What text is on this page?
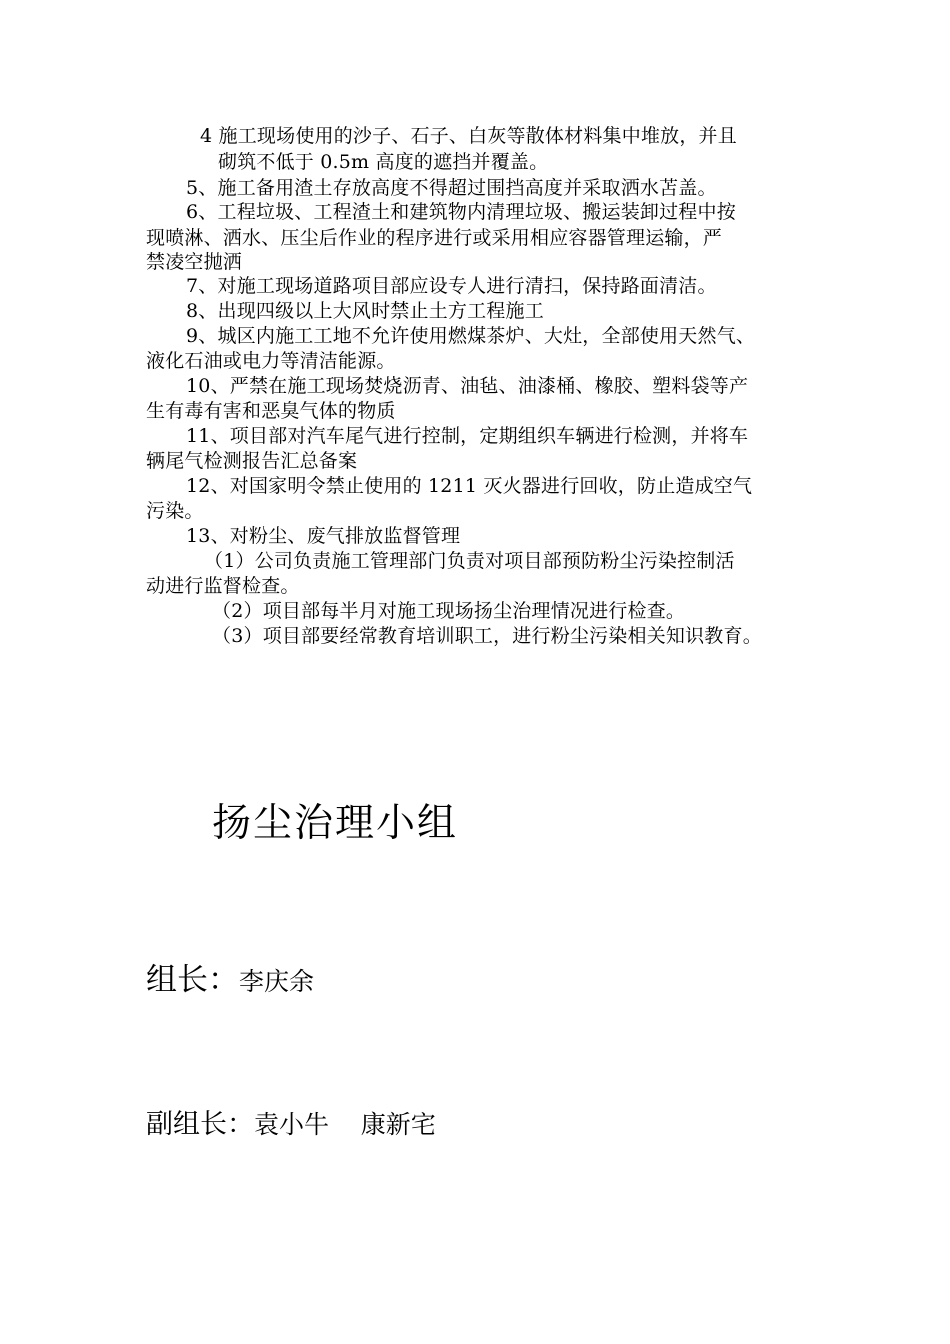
4 施工现场使用的沙子、石子、白灰等散体材料集中堆放，并且
砌筑不低于 0.5m 高度的遮挡并覆盖。
5、施工备用渣土存放高度不得超过围挡高度并采取洒水苫盖。
6、工程垃圾、工程渣土和建筑物内清理垃圾、搬运装卸过程中按
现喷淋、洒水、压尘后作业的程序进行或采用相应容器管理运输，严
禁凌空抛洒
7、对施工现场道路项目部应设专人进行清扫，保持路面清洁。
8、出现四级以上大风时禁止土方工程施工
9、城区内施工工地不允许使用燃煤茶炉、大灶，全部使用天然气、
液化石油或电力等清洁能源。
10、严禁在施工现场焚烧沥青、油毡、油漆桶、橡胶、塑料袋等产
生有毒有害和恶臭气体的物质
11、项目部对汽车尾气进行控制，定期组织车辆进行检测，并将车
辆尾气检测报告汇总备案
12、对国家明令禁止使用的 1211 灭火器进行回收，防止造成空气
污染。
13、对粉尘、废气排放监督管理
（1）公司负责施工管理部门负责对项目部预防粉尘污染控制活
动进行监督检查。
（2）项目部每半月对施工现场扬尘治理情况进行检查。
（3）项目部要经常教育培训职工，进行粉尘污染相关知识教育。
扬尘治理小组
组长：李庆余
副组长：袁小牛    康新宅
